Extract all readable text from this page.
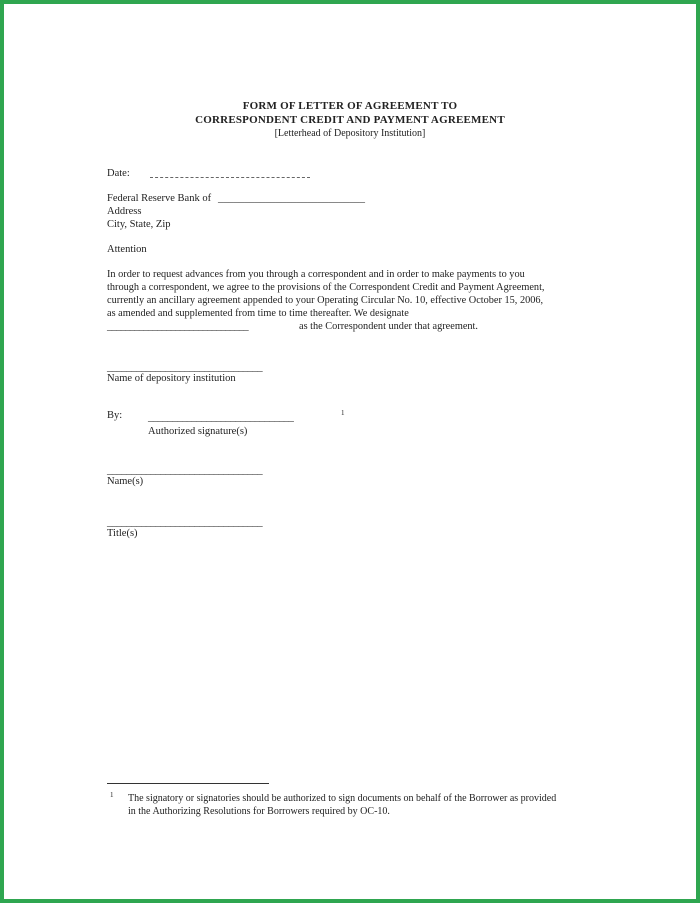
FORM OF LETTER OF AGREEMENT TO
CORRESPONDENT CREDIT AND PAYMENT AGREEMENT
[Letterhead of Depository Institution]
Date:
Federal Reserve Bank of ____________________________
Address
City, State, Zip
Attention
In order to request advances from you through a correspondent and in order to make payments to you
through a correspondent, we agree to the provisions of the Correspondent Credit and Payment Agreement,
currently an ancillary agreement appended to your Operating Circular No. 10, effective October 15, 2006,
as amended and supplemented from time to time thereafter. We designate
_______________________________	as the Correspondent under that agreement.
________________________________
Name of depository institution
By: ______________________________	1
Authorized signature(s)
________________________________
Name(s)
________________________________
Title(s)
1 The signatory or signatories should be authorized to sign documents on behalf of the Borrower as provided
in the Authorizing Resolutions for Borrowers required by OC-10.
